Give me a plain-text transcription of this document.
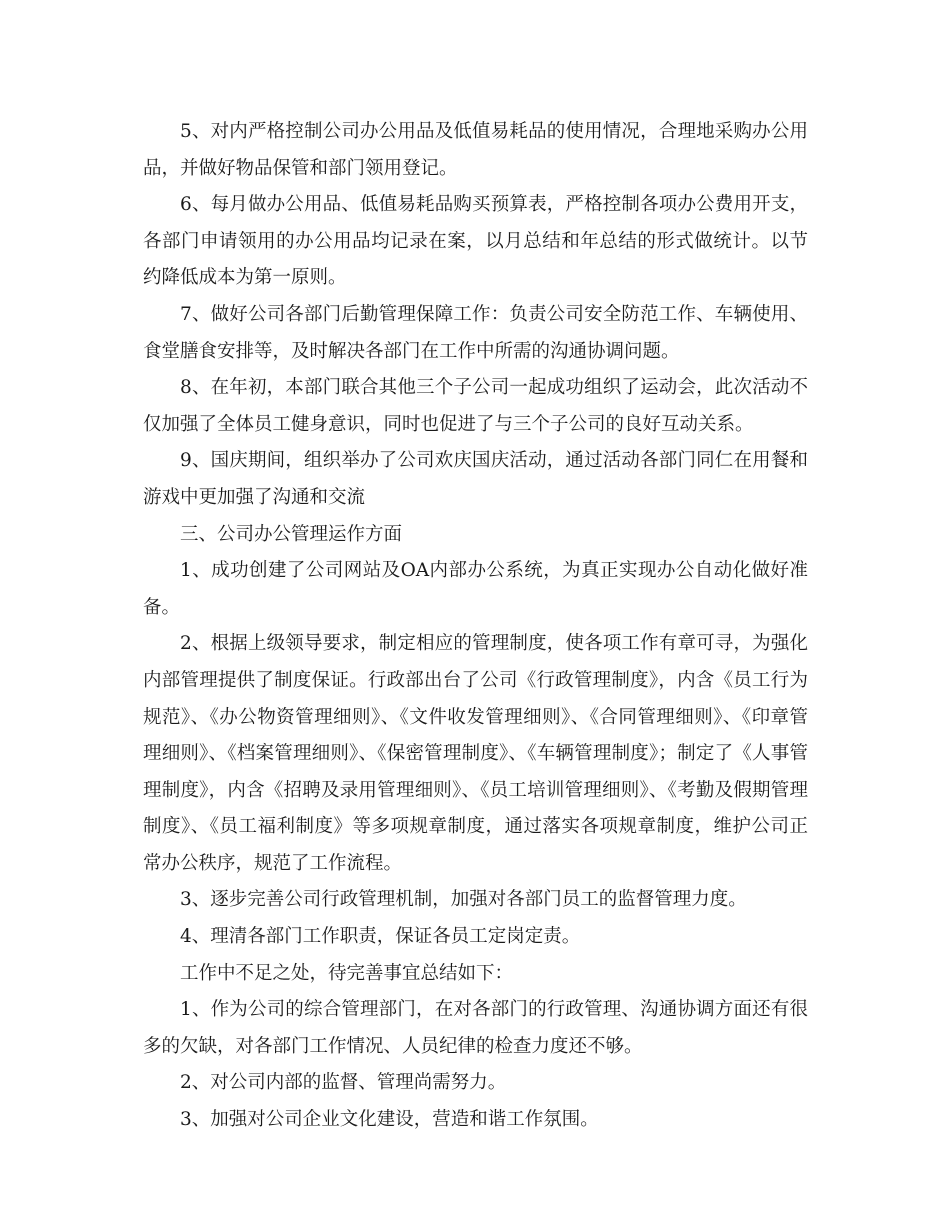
5、对内严格控制公司办公用品及低值易耗品的使用情况，合理地采购办公用品，并做好物品保管和部门领用登记。

6、每月做办公用品、低值易耗品购买预算表，严格控制各项办公费用开支，各部门申请领用的办公用品均记录在案，以月总结和年总结的形式做统计。以节约降低成本为第一原则。

7、做好公司各部门后勤管理保障工作：负责公司安全防范工作、车辆使用、食堂膳食安排等，及时解决各部门在工作中所需的沟通协调问题。

8、在年初，本部门联合其他三个子公司一起成功组织了运动会，此次活动不仅加强了全体员工健身意识，同时也促进了与三个子公司的良好互动关系。

9、国庆期间，组织举办了公司欢庆国庆活动，通过活动各部门同仁在用餐和游戏中更加强了沟通和交流

三、公司办公管理运作方面

1、成功创建了公司网站及OA内部办公系统，为真正实现办公自动化做好准备。

2、根据上级领导要求，制定相应的管理制度，使各项工作有章可寻，为强化内部管理提供了制度保证。行政部出台了公司《行政管理制度》，内含《员工行为规范》、《办公物资管理细则》、《文件收发管理细则》、《合同管理细则》、《印章管理细则》、《档案管理细则》、《保密管理制度》、《车辆管理制度》；制定了《人事管理制度》，内含《招聘及录用管理细则》、《员工培训管理细则》、《考勤及假期管理制度》、《员工福利制度》等多项规章制度，通过落实各项规章制度，维护公司正常办公秩序，规范了工作流程。

3、逐步完善公司行政管理机制，加强对各部门员工的监督管理力度。

4、理清各部门工作职责，保证各员工定岗定责。

工作中不足之处，待完善事宜总结如下：

1、作为公司的综合管理部门，在对各部门的行政管理、沟通协调方面还有很多的欠缺，对各部门工作情况、人员纪律的检查力度还不够。

2、对公司内部的监督、管理尚需努力。

3、加强对公司企业文化建设，营造和谐工作氛围。
